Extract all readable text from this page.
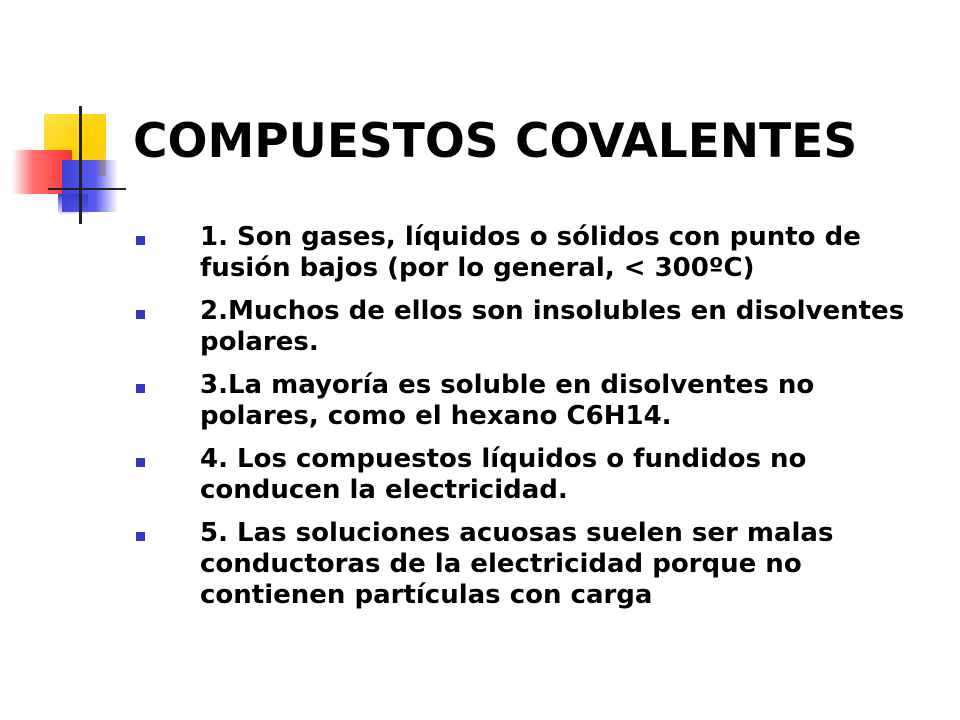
COMPUESTOS COVALENTES
1. Son gases, líquidos o sólidos con punto de fusión bajos (por lo general, < 300ºC)
2.Muchos de ellos son insolubles en disolventes polares.
3.La mayoría es soluble en disolventes no polares, como el hexano C6H14.
4. Los compuestos líquidos o fundidos no conducen la electricidad.
5. Las soluciones acuosas suelen ser malas conductoras de la electricidad porque no contienen partículas con carga
